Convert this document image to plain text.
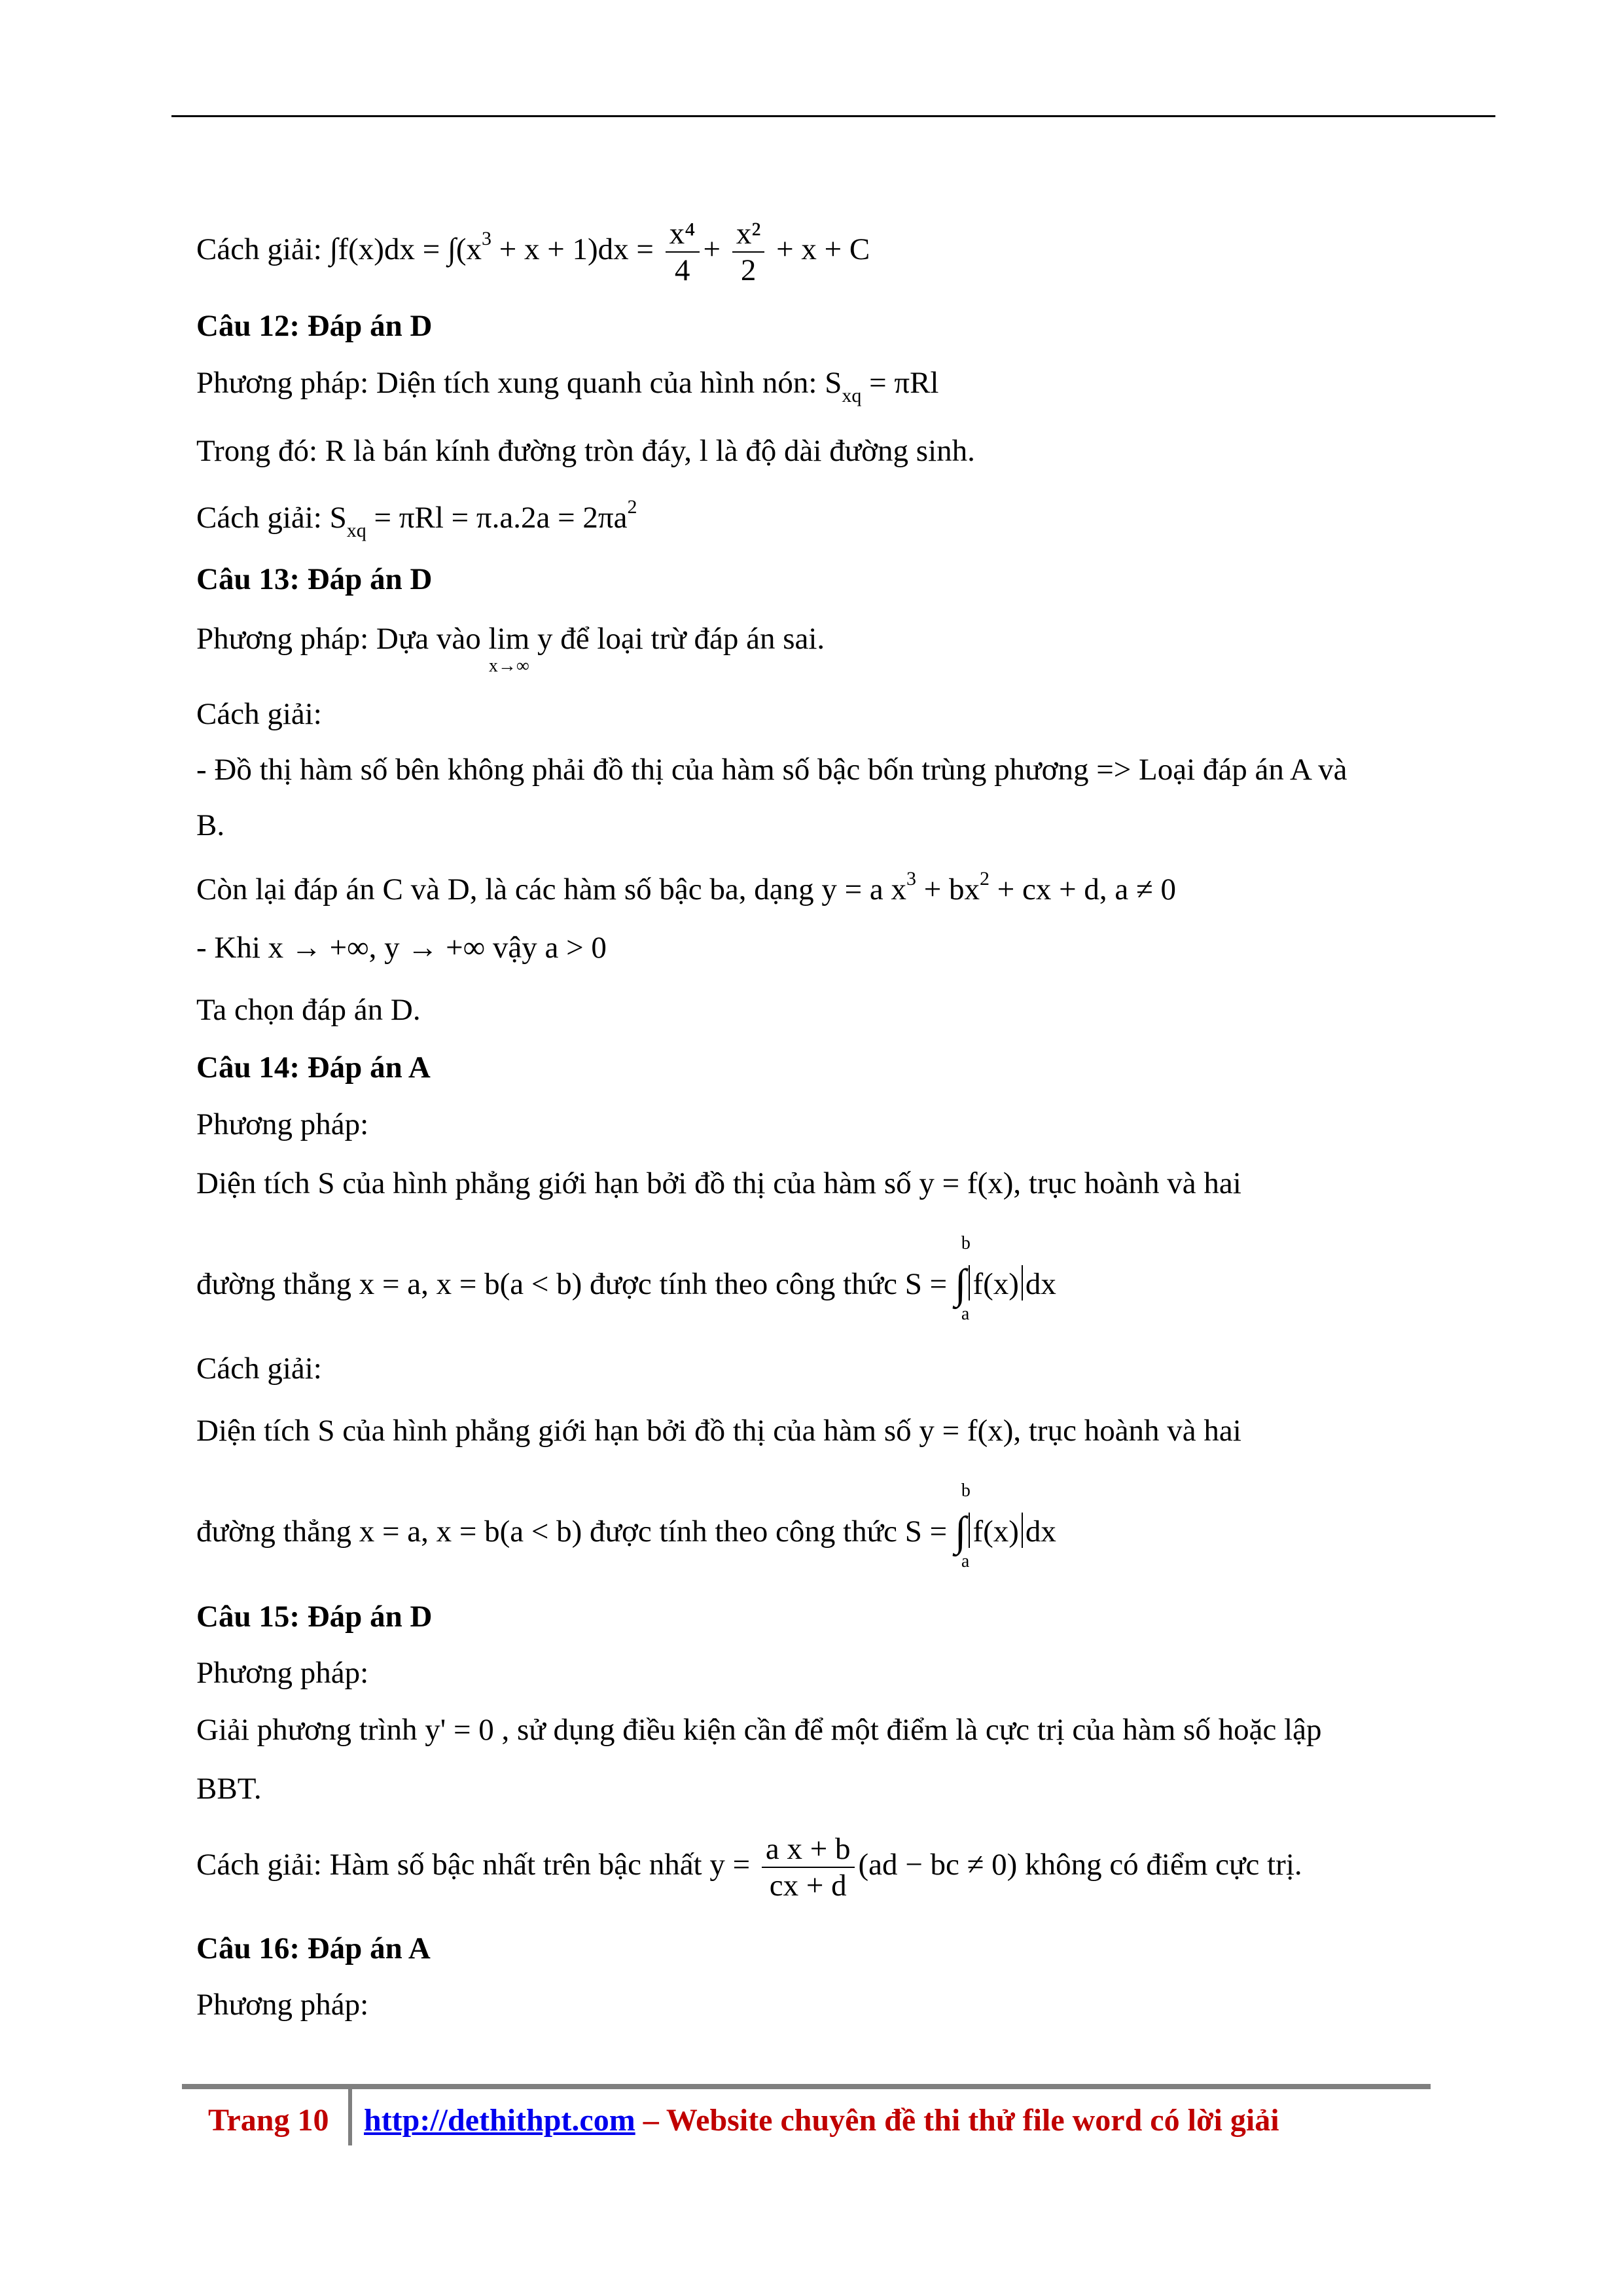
Cách giải: $\int f(x)dx = \int(x^3 + x + 1)dx = \frac{\text{x⁴}}{4} + \frac{\text{x²}}{2} + x + C$
Câu 12: Đáp án D
Phương pháp: Diện tích xung quanh của hình nón: $S_{xq} = \pi Rl$
Trong đó: R là bán kính đường tròn đáy, l là độ dài đường sinh.
Cách giải: $S_{xq} = \pi Rl = \pi.a.2a = 2\pi a^2$
Câu 13: Đáp án D
Phương pháp: Dựa vào lim
x→∞
y để loại trừ đáp án sai.
Cách giải:
- Đồ thị hàm số bên không phải đồ thị của hàm số bậc bốn trùng phương => Loại đáp án A và
B.
Còn lại đáp án C và D, là các hàm số bậc ba, dạng y = a $x^3 + bx^2$ + cx + d, a ≠ 0
- Khi x → +∞, y → +∞ vậy a > 0
Ta chọn đáp án D.
Câu 14: Đáp án A
Phương pháp:
Diện tích S của hình phẳng giới hạn bởi đồ thị của hàm số y = f(x), trục hoành và hai
đường thẳng x = a, x = b(a < b) được tính theo công thức S =
b
∫
a
f(x) dx
Cách giải:
Diện tích S của hình phẳng giới hạn bởi đồ thị của hàm số y = f(x), trục hoành và hai
đường thẳng x = a, x = b(a < b) được tính theo công thức S =
b
∫
a
f(x) dx
Câu 15: Đáp án D
Phương pháp:
Giải phương trình y' = 0 , sử dụng điều kiện cần để một điểm là cực trị của hàm số hoặc lập
BBT.
Cách giải: Hàm số bậc nhất trên bậc nhất $y = \frac{\text{a x + b}}{cx + d} (ad$ − bc ≠ 0) không có điểm cực trị.
Câu 16: Đáp án A
Phương pháp:
Trang 10 http://dethithpt.com – Website chuyên đề thi thử file word có lời giải
